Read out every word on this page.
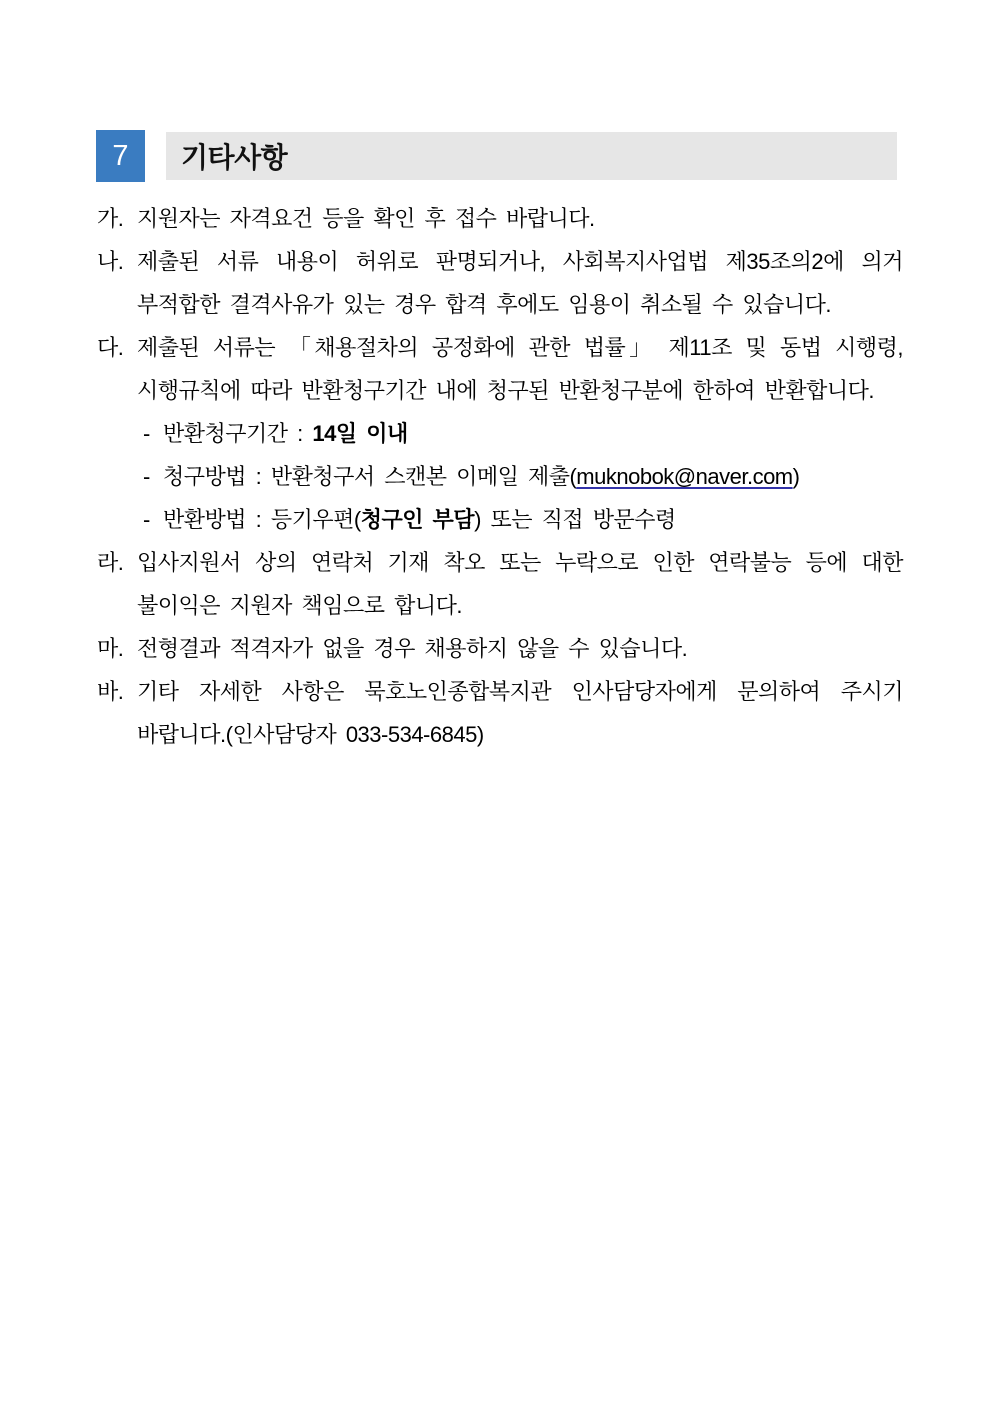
7 기타사항
가. 지원자는 자격요건 등을 확인 후 접수 바랍니다.
나. 제출된 서류 내용이 허위로 판명되거나, 사회복지사업법 제35조의2에 의거 부적합한 결격사유가 있는 경우 합격 후에도 임용이 취소될 수 있습니다.
다. 제출된 서류는 「채용절차의 공정화에 관한 법률」 제11조 및 동법 시행령, 시행규칙에 따라 반환청구기간 내에 청구된 반환청구분에 한하여 반환합니다.
- 반환청구기간 : 14일 이내
- 청구방법 : 반환청구서 스캔본 이메일 제출(muknobok@naver.com)
- 반환방법 : 등기우편(청구인 부담) 또는 직접 방문수령
라. 입사지원서 상의 연락처 기재 착오 또는 누락으로 인한 연락불능 등에 대한 불이익은 지원자 책임으로 합니다.
마. 전형결과 적격자가 없을 경우 채용하지 않을 수 있습니다.
바. 기타 자세한 사항은 묵호노인종합복지관 인사담당자에게 문의하여 주시기 바랍니다.(인사담당자 033-534-6845)
